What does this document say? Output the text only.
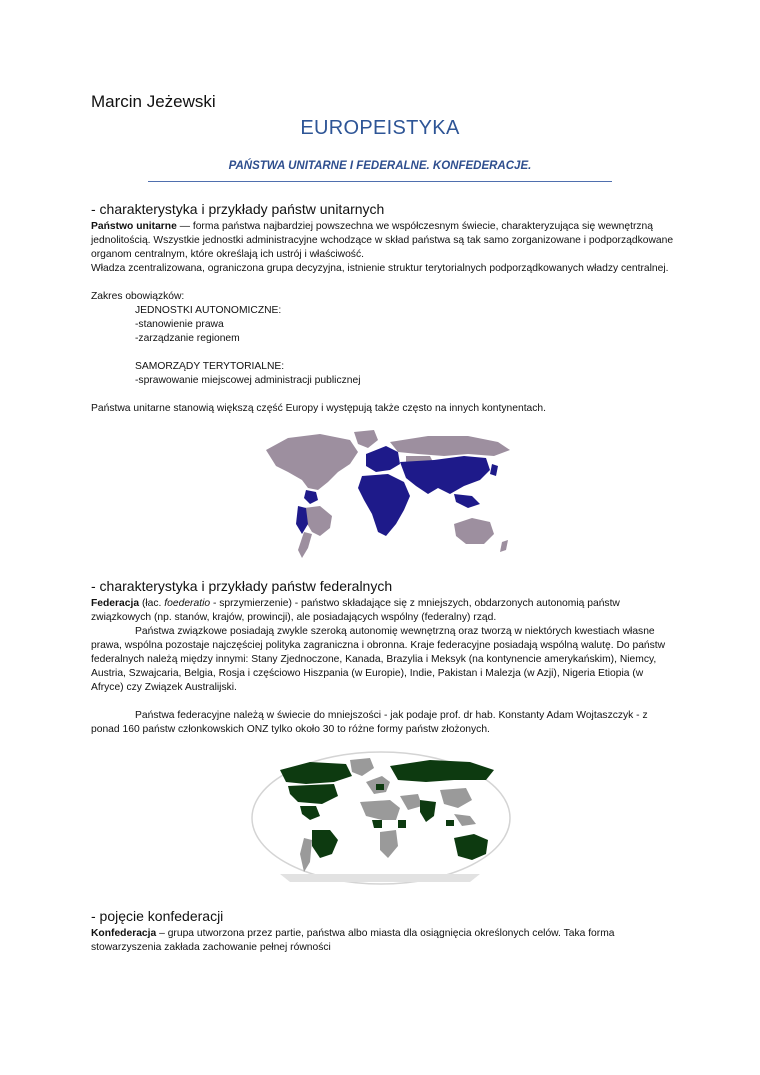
Marcin Jeżewski
EUROPEISTYKA
PAŃSTWA UNITARNE I FEDERALNE. KONFEDERACJE.
- charakterystyka i przykłady państw unitarnych
Państwo unitarne — forma państwa najbardziej powszechna we współczesnym świecie, charakteryzująca się wewnętrzną jednolitością. Wszystkie jednostki administracyjne wchodzące w skład państwa są tak samo zorganizowane i podporządkowane organom centralnym, które określają ich ustrój i właściwość.
Władza zcentralizowana, ograniczona grupa decyzyjna, istnienie struktur terytorialnych podporządkowanych władzy centralnej.
Zakres obowiązków:
JEDNOSTKI AUTONOMICZNE:
-stanowienie prawa
-zarządzanie regionem
SAMORZĄDY TERYTORIALNE:
-sprawowanie miejscowej administracji publicznej
Państwa unitarne stanowią większą część Europy i występują także często na innych kontynentach.
- charakterystyka i przykłady państw federalnych
Federacja (łac. foederatio - sprzymierzenie) - państwo składające się z mniejszych, obdarzonych autonomią państw związkowych (np. stanów, krajów, prowincji), ale posiadających wspólny (federalny) rząd.
Państwa związkowe posiadają zwykle szeroką autonomię wewnętrzną oraz tworzą w niektórych kwestiach własne prawa, wspólna pozostaje najczęściej polityka zagraniczna i obronna. Kraje federacyjne posiadają wspólną walutę. Do państw federalnych należą między innymi: Stany Zjednoczone, Kanada, Brazylia i Meksyk (na kontynencie amerykańskim), Niemcy, Austria, Szwajcaria, Belgia, Rosja i częściowo Hiszpania (w Europie), Indie, Pakistan i Malezja (w Azji), Nigeria Etiopia (w Afryce) czy Związek Australijski.
Państwa federacyjne należą w świecie do mniejszości - jak podaje prof. dr hab. Konstanty Adam Wojtaszczyk - z ponad 160 państw członkowskich ONZ tylko około 30 to różne formy państw złożonych.
- pojęcie konfederacji
Konfederacja – grupa utworzona przez partie, państwa albo miasta dla osiągnięcia określonych celów. Taka forma stowarzyszenia zakłada zachowanie pełnej równości
